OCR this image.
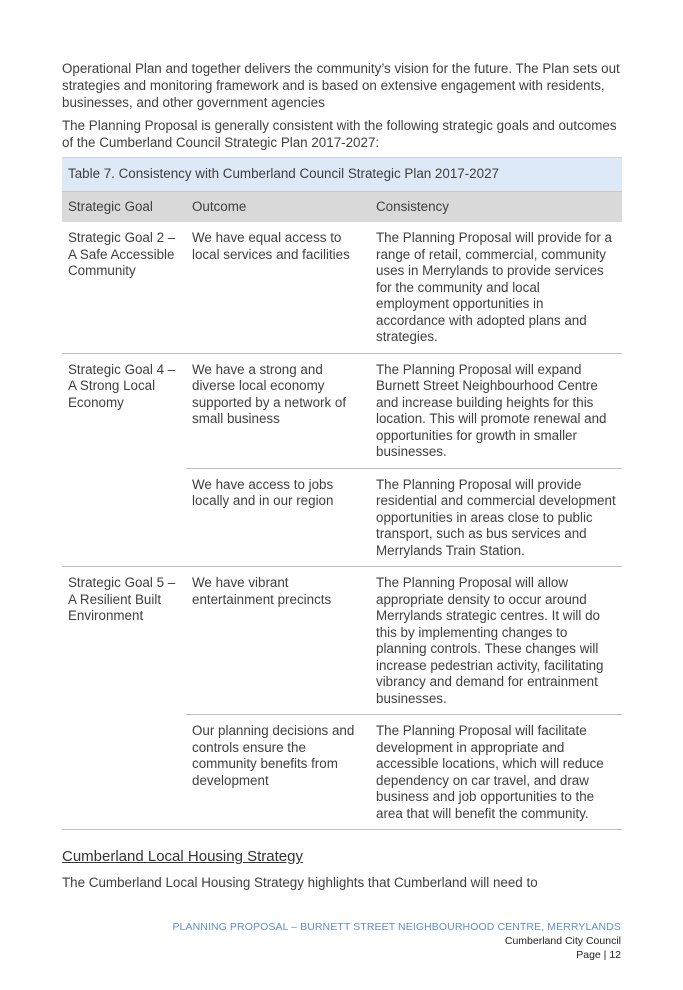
Operational Plan and together delivers the community’s vision for the future. The Plan sets out strategies and monitoring framework and is based on extensive engagement with residents, businesses, and other government agencies

The Planning Proposal is generally consistent with the following strategic goals and outcomes of the Cumberland Council Strategic Plan 2017-2027:

Table 7. Consistency with Cumberland Council Strategic Plan 2017-2027		
Strategic Goal	Outcome	Consistency
Strategic Goal 2 – A Safe Accessible Community	We have equal access to local services and facilities	The Planning Proposal will provide for a range of retail, commercial, community uses in Merrylands to provide services for the community and local employment opportunities in accordance with adopted plans and strategies.
Strategic Goal 4 – A Strong Local Economy	We have a strong and diverse local economy supported by a network of small business	The Planning Proposal will expand Burnett Street Neighbourhood Centre and increase building heights for this location. This will promote renewal and opportunities for growth in smaller businesses.
	We have access to jobs locally and in our region	The Planning Proposal will provide residential and commercial development opportunities in areas close to public transport, such as bus services and Merrylands Train Station.
Strategic Goal 5 – A Resilient Built Environment	We have vibrant entertainment precincts	The Planning Proposal will allow appropriate density to occur around Merrylands strategic centres. It will do this by implementing changes to planning controls. These changes will increase pedestrian activity, facilitating vibrancy and demand for entrainment businesses.
	Our planning decisions and controls ensure the community benefits from development	The Planning Proposal will facilitate development in appropriate and accessible locations, which will reduce dependency on car travel, and draw business and job opportunities to the area that will benefit the community.
Cumberland Local Housing Strategy

The Cumberland Local Housing Strategy highlights that Cumberland will need to

PLANNING PROPOSAL – BURNETT STREET NEIGHBOURHOOD CENTRE, MERRYLANDS
Cumberland City Council
Page | 12
